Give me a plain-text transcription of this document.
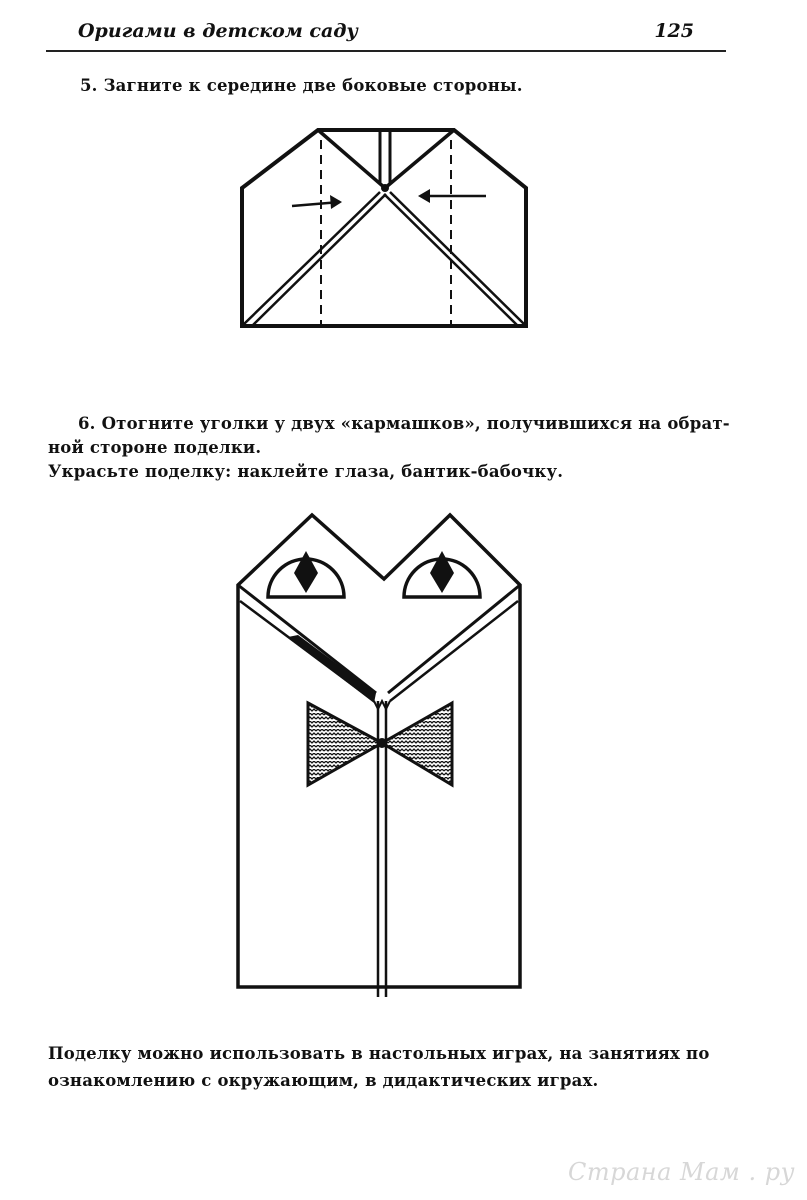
Оригами в детском саду	125
5. Загните к середине две боковые стороны.
6. Отогните уголки у двух «кармашков», получившихся на обрат-
ной стороне поделки.
Украсьте поделку: наклейте глаза, бантик-бабочку.

Поделку можно использовать в настольных играх, на занятиях по

ознакомлению с окружающим, в дидактических играх.

Страна Мам . ру
